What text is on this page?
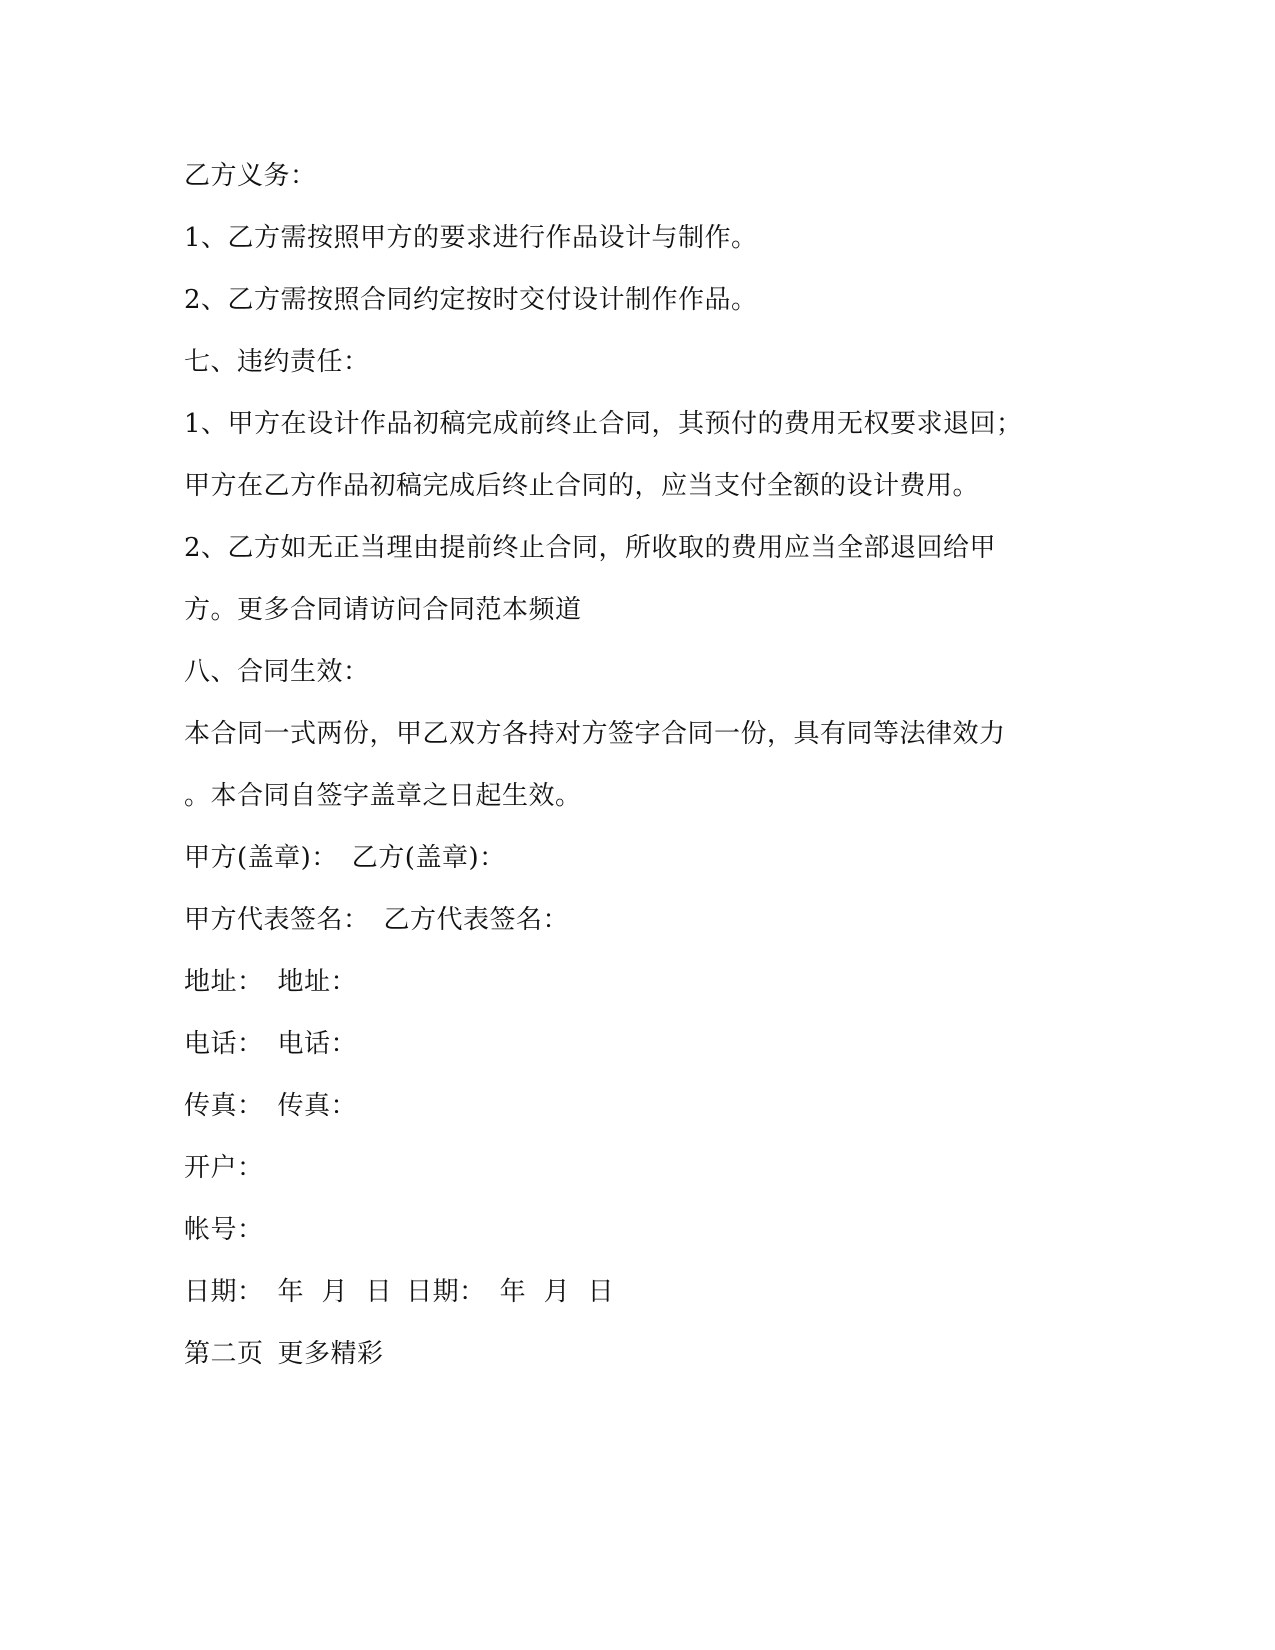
乙方义务：
1、乙方需按照甲方的要求进行作品设计与制作。
2、乙方需按照合同约定按时交付设计制作作品。
七、违约责任：
1、甲方在设计作品初稿完成前终止合同，其预付的费用无权要求退回；
甲方在乙方作品初稿完成后终止合同的，应当支付全额的设计费用。
2、乙方如无正当理由提前终止合同，所收取的费用应当全部退回给甲
方。更多合同请访问合同范本频道
八、合同生效：
本合同一式两份，甲乙双方各持对方签字合同一份，具有同等法律效力
。本合同自签字盖章之日起生效。
甲方(盖章)： 乙方(盖章)：
甲方代表签名： 乙方代表签名：
地址： 地址：
电话： 电话：
传真： 传真：
开户：
帐号：
日期： 年  月  日 日期： 年  月  日
第二页 更多精彩
